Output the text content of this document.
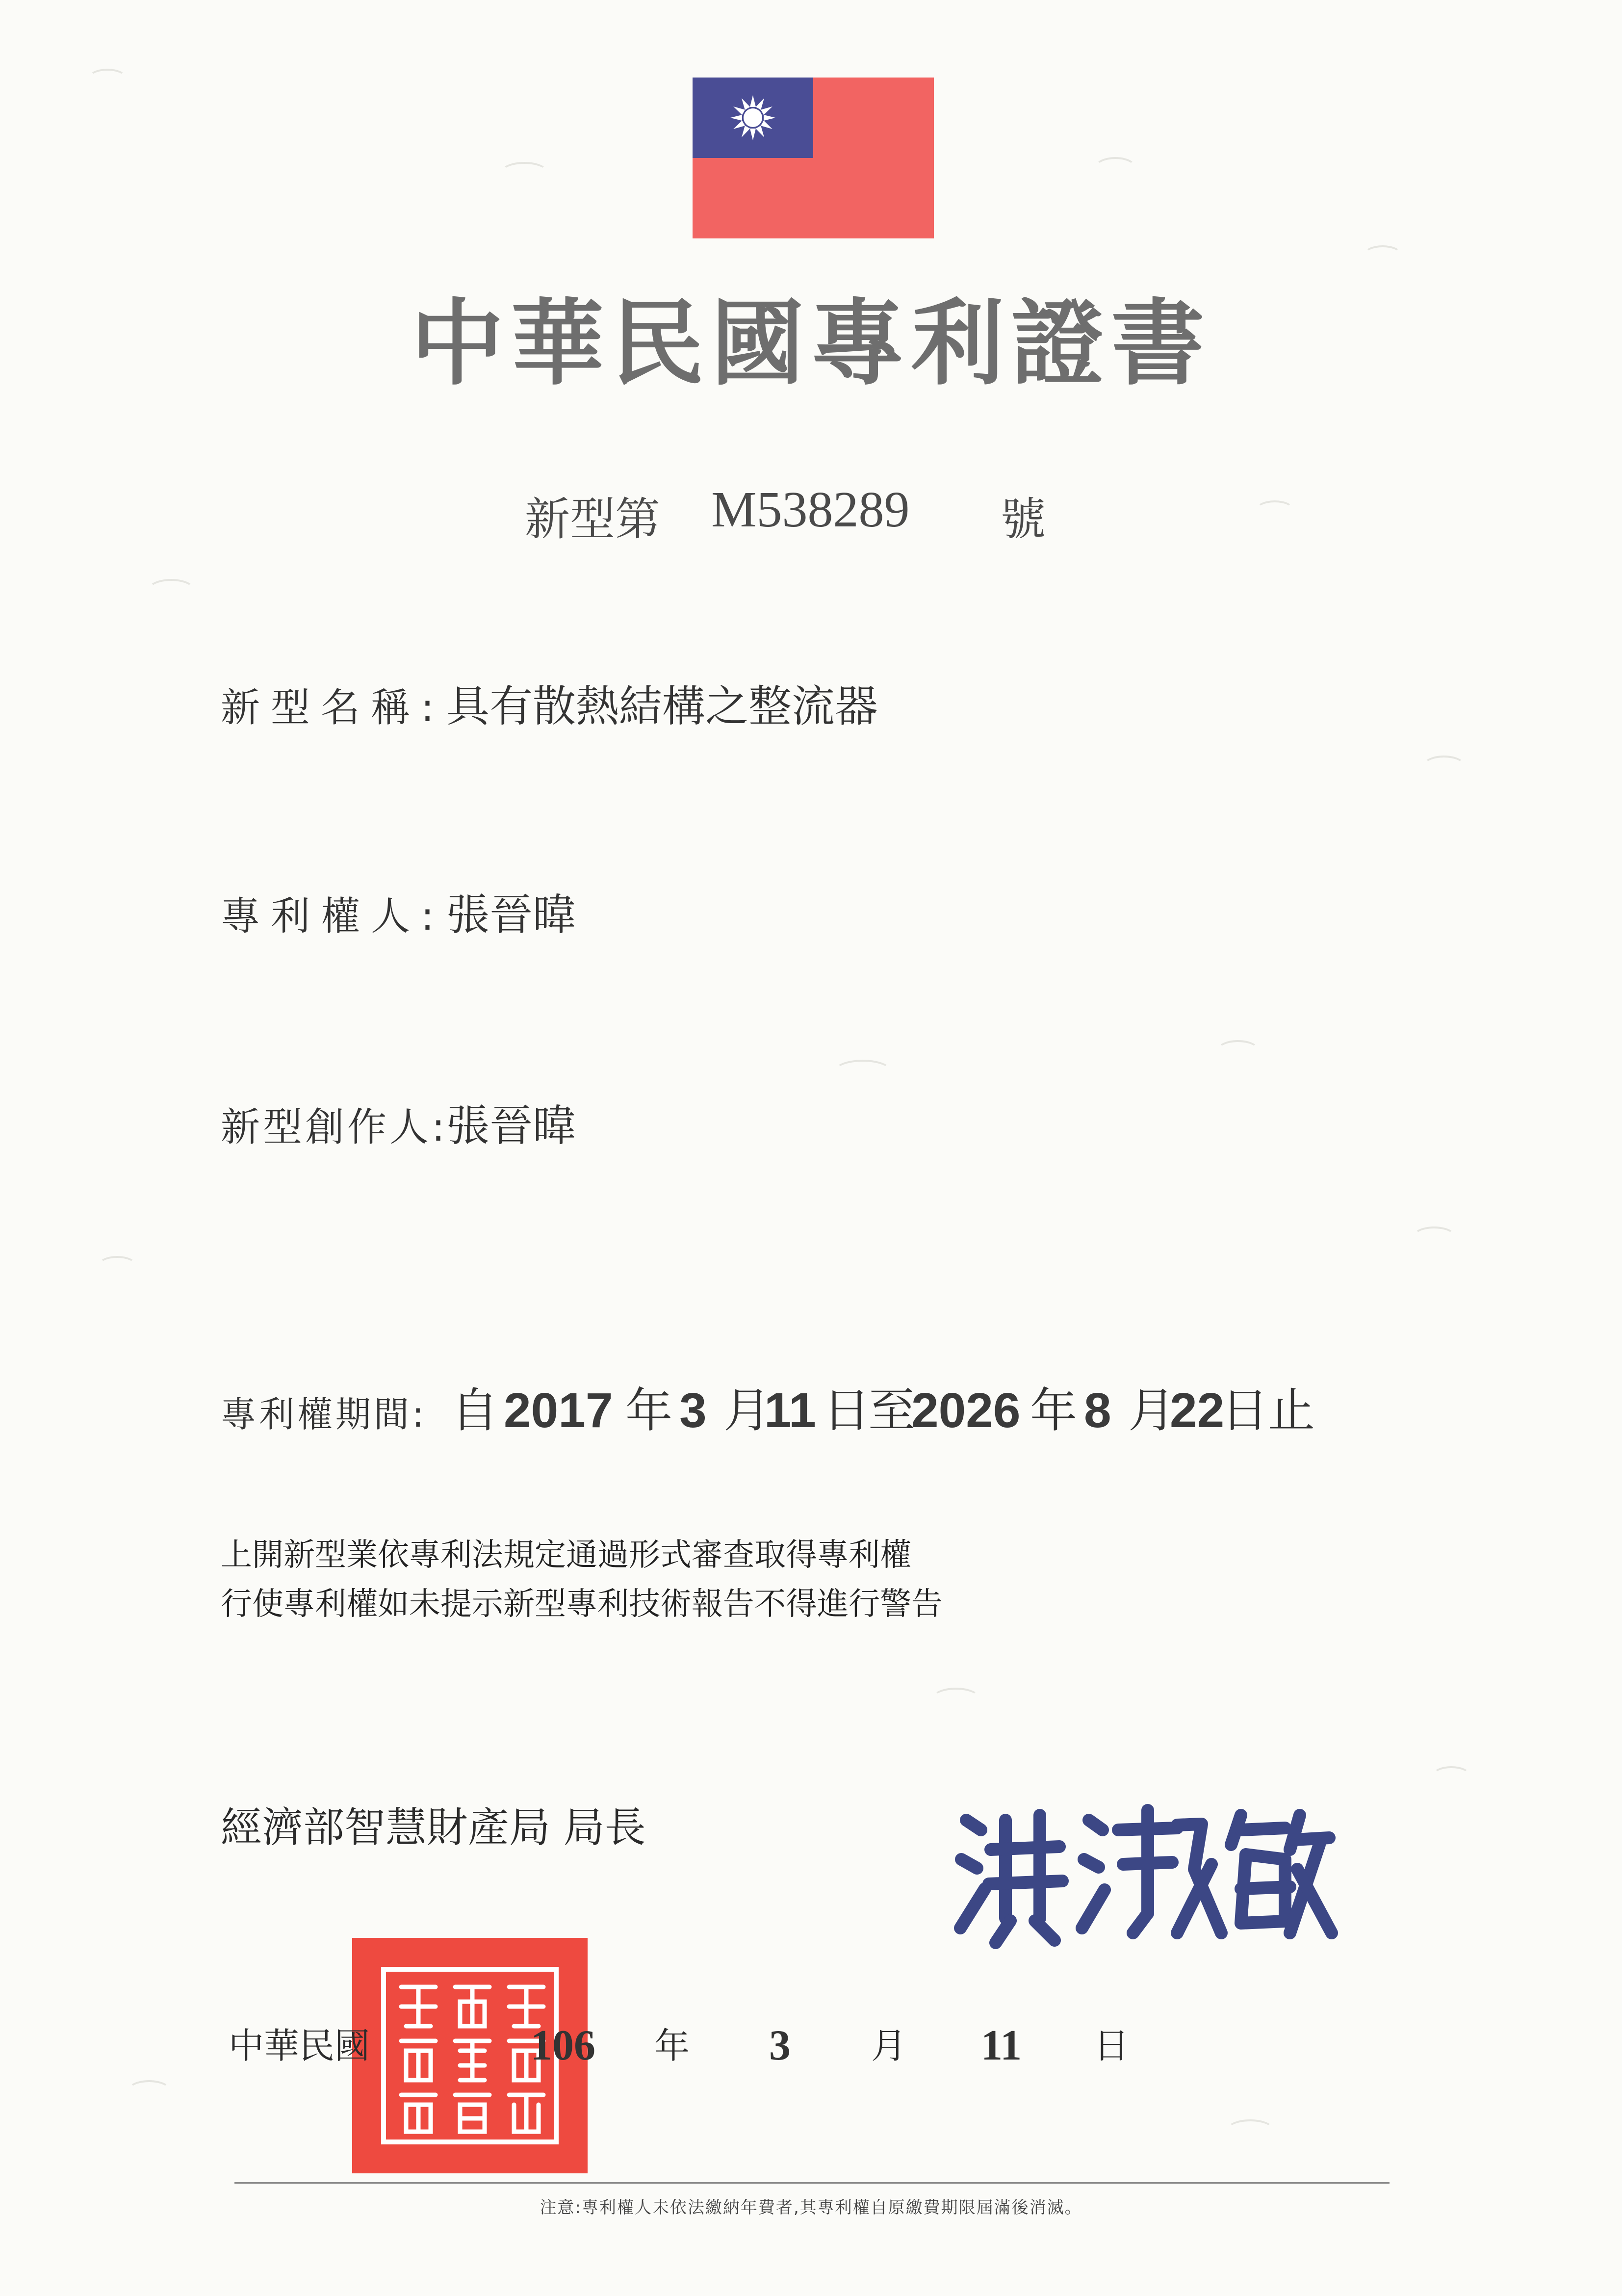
中華民國專利證書
新型第 M538289 號
新型名稱:具有散熱結構之整流器
專利權人:張晉暐
新型創作人:張晉暐
專利權期間: 自 2017 年 3 月
11 日
至
2026 年 8 月
22
日 止
上開新型業依專利法規定通過形式審查取得專利權
行使專利權如未提示新型專利技術報告不得進行警告
經濟部智慧財產局 局長
中華民國	106 年 3 月 11 日
注意:專利權人未依法繳納年費者,其專利權自原繳費期限屆滿後消滅。
